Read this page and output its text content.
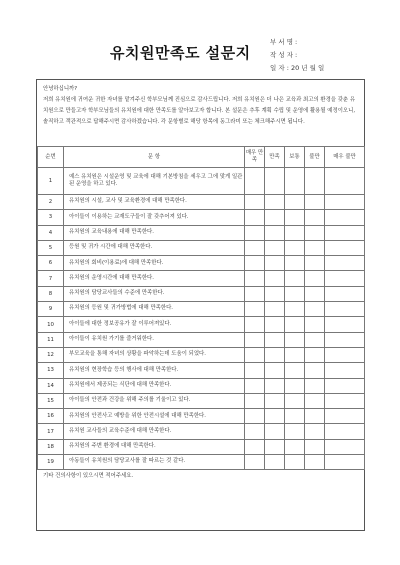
유치원만족도 설문지
부 서 명 :
작 성 자 :
일 자 : 20 년 월 일

안녕하십니까?

저희 유치원에 귀여운 귀한 자녀를 맡겨주신 학부모님께 진심으로 감사드립니다. 저희 유치원은 더 나은 교육과 최고의 환경을 갖춘 유치원으로 만들고자 학부모님들의 유치원에 대한 만족도를 알아보고자 합니다. 본 설문은 추후 계획 수립 및 운영에 활용될 예정이오니, 솔직하고 객관적으로 답해주시면 감사하겠습니다. 각 문항별로 해당 항목에 동그라미 또는 체크해주시면 됩니다.

순번	문 항	매우 만족	만족	보통	불만	매우 불만
1	예스 유치원은 시설운영 및 교육에 대해 기본방침을 세우고 그에 맞게 일관된 운영을 하고 있다.					
2	유치원의 시설, 교사 및 교육환경에 대해 만족한다.					
3	아이들이 이용하는 교재도구들이 잘 갖추어져 있다.					
4	유치원의 교육내용에 대해 만족한다.					
5	등원 및 귀가 시간에 대해 만족한다.					
6	유치원의 회비(이용료)에 대해 만족한다.					
7	유치원의 운영시간에 대해 만족한다.					
8	유치원의 담당교사들의 수준에 만족한다.					
9	유치원의 등원 및 귀가방법에 대해 만족한다.					
10	아이들에 대한 정보공유가 잘 이루어져있다.					
11	아이들이 유치원 가기를 즐거워한다.					
12	부모교육을 통해 자녀의 상황을 파악하는데 도움이 되었다.					
13	유치원의 현장학습 등의 행사에 대해 만족한다.					
14	유치원에서 제공되는 식단에 대해 만족한다.					
15	아이들의 안전과 건강을 위해 주의를 기울이고 있다.					
16	유치원의 안전사고 예방을 위한 안전시설에 대해 만족한다.					
17	유치원 교사들의 교육수준에 대해 만족한다.					
18	유치원의 주변 환경에 대해 만족한다.					
19	아동들이 유치원의 담당교사를 잘 따르는 것 같다.					
기타 건의사항이 있으시면 적어주세요.
